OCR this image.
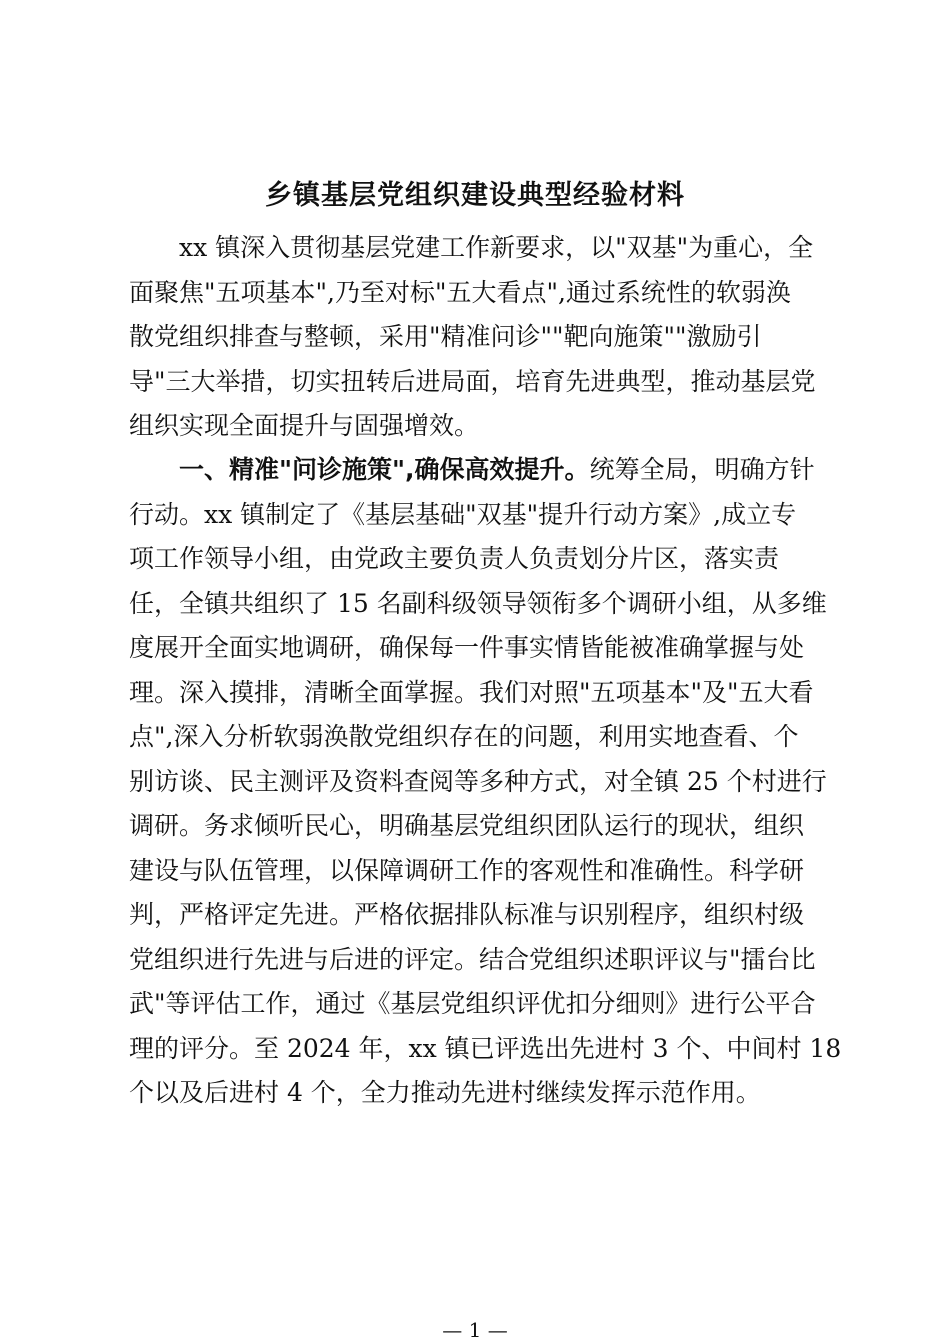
乡镇基层党组织建设典型经验材料
xx 镇深入贯彻基层党建工作新要求，以"双基"为重心，全
面聚焦"五项基本",乃至对标"五大看点",通过系统性的软弱涣
散党组织排查与整顿，采用"精准问诊""靶向施策""激励引
导"三大举措，切实扭转后进局面，培育先进典型，推动基层党
组织实现全面提升与固强增效。
一、精准"问诊施策",确保高效提升。统筹全局，明确方针
行动。xx 镇制定了《基层基础"双基"提升行动方案》,成立专
项工作领导小组，由党政主要负责人负责划分片区，落实责
任，全镇共组织了 15 名副科级领导领衔多个调研小组，从多维
度展开全面实地调研，确保每一件事实情皆能被准确掌握与处
理。深入摸排，清晰全面掌握。我们对照"五项基本"及"五大看
点",深入分析软弱涣散党组织存在的问题，利用实地查看、个
别访谈、民主测评及资料查阅等多种方式，对全镇 25 个村进行
调研。务求倾听民心，明确基层党组织团队运行的现状，组织
建设与队伍管理，以保障调研工作的客观性和准确性。科学研
判，严格评定先进。严格依据排队标准与识别程序，组织村级
党组织进行先进与后进的评定。结合党组织述职评议与"擂台比
武"等评估工作，通过《基层党组织评优扣分细则》进行公平合
理的评分。至 2024 年，xx 镇已评选出先进村 3 个、中间村 18
个以及后进村 4 个，全力推动先进村继续发挥示范作用。
— 1 —
